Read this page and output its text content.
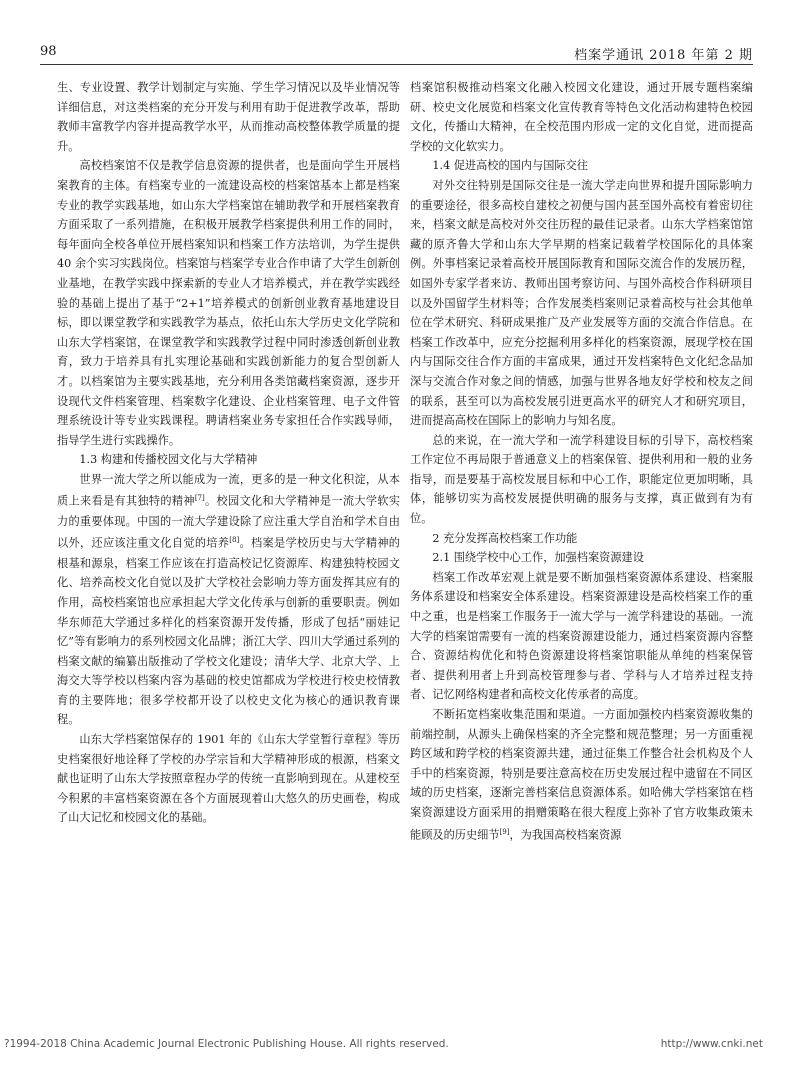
98	档案学通讯 2018 年第 2 期

生、专业设置、教学计划制定与实施、学生学习情况以及毕业情况等详细信息，对这类档案的充分开发与利用有助于促进教学改革，帮助教师丰富教学内容并提高教学水平，从而推动高校整体教学质量的提升。

高校档案馆不仅是教学信息资源的提供者，也是面向学生开展档案教育的主体。有档案专业的一流建设高校的档案馆基本上都是档案专业的教学实践基地，如山东大学档案馆在辅助教学和开展档案教育方面采取了一系列措施，在积极开展教学档案提供利用工作的同时，每年面向全校各单位开展档案知识和档案工作方法培训，为学生提供 40 余个实习实践岗位。档案馆与档案学专业合作申请了大学生创新创业基地，在教学实践中探索新的专业人才培养模式，并在教学实践经验的基础上提出了基于“2+1”培养模式的创新创业教育基地建设目标，即以课堂教学和实践教学为基点，依托山东大学历史文化学院和山东大学档案馆，在课堂教学和实践教学过程中同时渗透创新创业教育，致力于培养具有扎实理论基础和实践创新能力的复合型创新人才。以档案馆为主要实践基地，充分利用各类馆藏档案资源，逐步开设现代文件档案管理、档案数字化建设、企业档案管理、电子文件管理系统设计等专业实践课程。聘请档案业务专家担任合作实践导师，指导学生进行实践操作。

1.3 构建和传播校园文化与大学精神

世界一流大学之所以能成为一流，更多的是一种文化积淀，从本质上来看是有其独特的精神[7]。校园文化和大学精神是一流大学软实力的重要体现。中国的一流大学建设除了应注重大学自治和学术自由以外，还应该注重文化自觉的培养[8]。档案是学校历史与大学精神的根基和源泉，档案工作应该在打造高校记忆资源库、构建独特校园文化、培养高校文化自觉以及扩大学校社会影响力等方面发挥其应有的作用，高校档案馆也应承担起大学文化传承与创新的重要职责。例如华东师范大学通过多样化的档案资源开发传播，形成了包括“丽娃记忆”等有影响力的系列校园文化品牌；浙江大学、四川大学通过系列的档案文献的编纂出版推动了学校文化建设；清华大学、北京大学、上海交大等学校以档案内容为基础的校史馆都成为学校进行校史校情教育的主要阵地；很多学校都开设了以校史文化为核心的通识教育课程。

山东大学档案馆保存的 1901 年的《山东大学堂暂行章程》等历史档案很好地诠释了学校的办学宗旨和大学精神形成的根源，档案文献也证明了山东大学按照章程办学的传统一直影响到现在。从建校至今积累的丰富档案资源在各个方面展现着山大悠久的历史画卷，构成了山大记忆和校园文化的基础。

档案馆积极推动档案文化融入校园文化建设，通过开展专题档案编研、校史文化展览和档案文化宣传教育等特色文化活动构建特色校园文化，传播山大精神，在全校范围内形成一定的文化自觉，进而提高学校的文化软实力。

1.4 促进高校的国内与国际交往

对外交往特别是国际交往是一流大学走向世界和提升国际影响力的重要途径，很多高校自建校之初便与国内甚至国外高校有着密切往来，档案文献是高校对外交往历程的最佳记录者。山东大学档案馆馆藏的原齐鲁大学和山东大学早期的档案记载着学校国际化的具体案例。外事档案记录着高校开展国际教育和国际交流合作的发展历程，如国外专家学者来访、教师出国考察访问、与国外高校合作科研项目以及外国留学生材料等；合作发展类档案则记录着高校与社会其他单位在学术研究、科研成果推广及产业发展等方面的交流合作信息。在档案工作改革中，应充分挖掘利用多样化的档案资源，展现学校在国内与国际交往合作方面的丰富成果，通过开发档案特色文化纪念品加深与交流合作对象之间的情感，加强与世界各地友好学校和校友之间的联系，甚至可以为高校发展引进更高水平的研究人才和研究项目，进而提高高校在国际上的影响力与知名度。

总的来说，在一流大学和一流学科建设目标的引导下，高校档案工作定位不再局限于普通意义上的档案保管、提供利用和一般的业务指导，而是要基于高校发展目标和中心工作，职能定位更加明晰，具体，能够切实为高校发展提供明确的服务与支撑，真正做到有为有位。

2 充分发挥高校档案工作功能
2.1 围绕学校中心工作，加强档案资源建设

档案工作改革宏观上就是要不断加强档案资源体系建设、档案服务体系建设和档案安全体系建设。档案资源建设是高校档案工作的重中之重，也是档案工作服务于一流大学与一流学科建设的基础。一流大学的档案馆需要有一流的档案资源建设能力，通过档案资源内容整合、资源结构优化和特色资源建设将档案馆职能从单纯的档案保管者、提供利用者上升到高校管理参与者、学科与人才培养过程支持者、记忆网络构建者和高校文化传承者的高度。

不断拓宽档案收集范围和渠道。一方面加强校内档案资源收集的前端控制，从源头上确保档案的齐全完整和规范整理；另一方面重视跨区域和跨学校的档案资源共建，通过征集工作整合社会机构及个人手中的档案资源，特别是要注意高校在历史发展过程中遗留在不同区域的历史档案，逐渐完善档案信息资源体系。如哈佛大学档案馆在档案资源建设方面采用的捐赠策略在很大程度上弥补了官方收集政策未能顾及的历史细节[9]，为我国高校档案资源

?1994-2018 China Academic Journal Electronic Publishing House. All rights reserved.	http://www.cnki.net
